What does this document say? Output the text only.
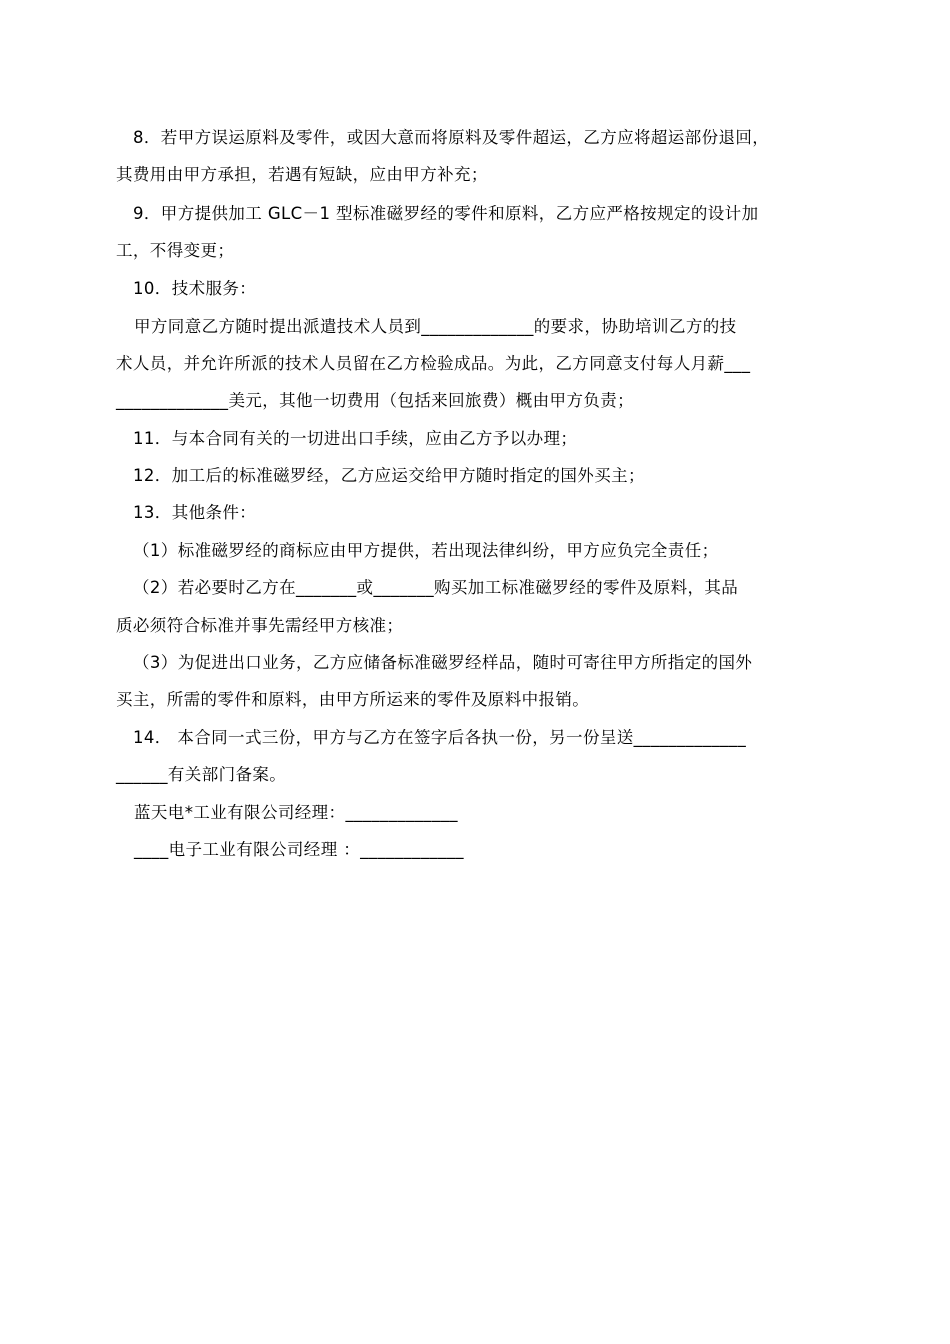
8．若甲方误运原料及零件，或因大意而将原料及零件超运，乙方应将超运部份退回，
其费用由甲方承担，若遇有短缺，应由甲方补充；
9．甲方提供加工 GLC－1 型标准磁罗经的零件和原料，乙方应严格按规定的设计加
工，不得变更；
10．技术服务：
甲方同意乙方随时提出派遣技术人员到_____________的要求，协助培训乙方的技
术人员，并允许所派的技术人员留在乙方检验成品。为此，乙方同意支付每人月薪___
_____________美元，其他一切费用（包括来回旅费）概由甲方负责；
11．与本合同有关的一切进出口手续，应由乙方予以办理；
12．加工后的标准磁罗经，乙方应运交给甲方随时指定的国外买主；
13．其他条件：
（1）标准磁罗经的商标应由甲方提供，若出现法律纠纷，甲方应负完全责任；
（2）若必要时乙方在_______或_______购买加工标准磁罗经的零件及原料，其品
质必须符合标准并事先需经甲方核准；
（3）为促进出口业务，乙方应储备标准磁罗经样品，随时可寄往甲方所指定的国外
买主，所需的零件和原料，由甲方所运来的零件及原料中报销。
14． 本合同一式三份，甲方与乙方在签字后各执一份，另一份呈送_____________
______有关部门备案。
蓝天电*工业有限公司经理：_____________
____电子工业有限公司经理 ：____________
